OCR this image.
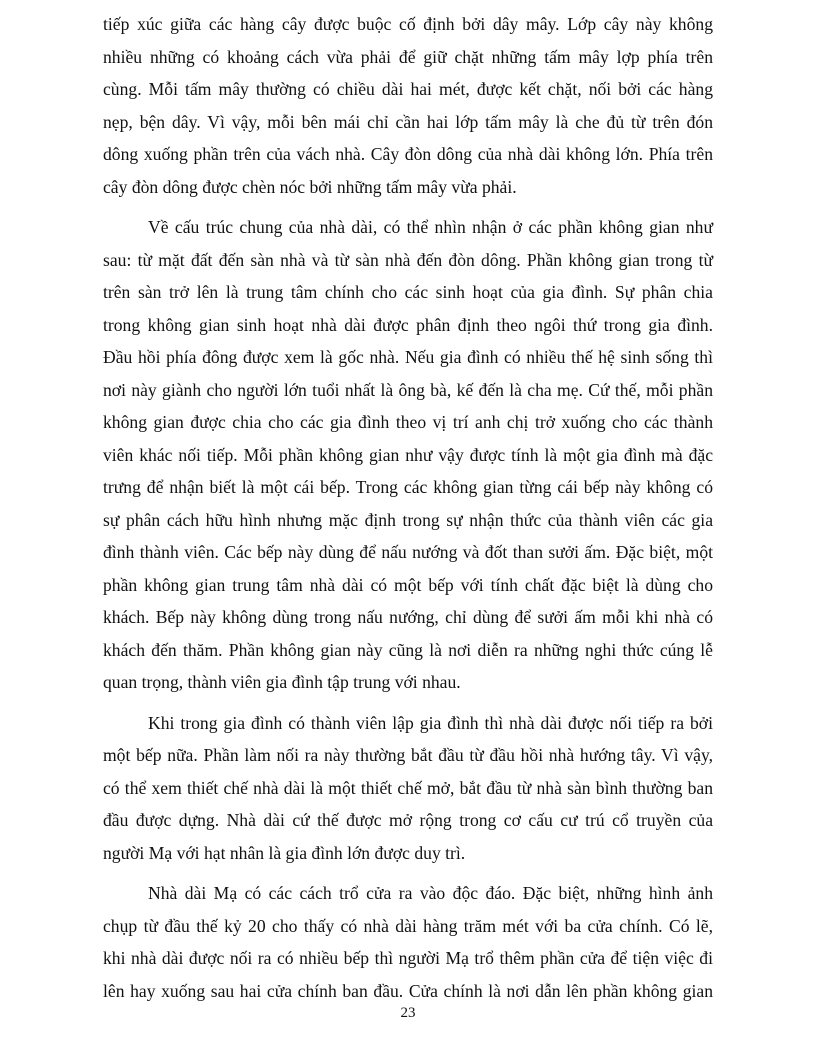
tiếp xúc giữa các hàng cây được buộc cố định bởi dây mây. Lớp cây này không
nhiều những có khoảng cách vừa phải để giữ chặt những tấm mây lợp phía trên
cùng. Mỗi tấm mây thường có chiều dài hai mét, được kết chặt, nối bởi các hàng
nẹp, bện dây. Vì vậy, mỗi bên mái chỉ cần hai lớp tấm mây là che đủ từ trên đón
dông xuống phần trên của vách nhà. Cây đòn dông của nhà dài không lớn. Phía trên
cây đòn dông được chèn nóc bởi những tấm mây vừa phải.
Về cấu trúc chung của nhà dài, có thể nhìn nhận ở các phần không gian như
sau: từ mặt đất đến sàn nhà và từ sàn nhà đến đòn dông. Phần không gian trong từ
trên sàn trở lên là trung tâm chính cho các sinh hoạt của gia đình. Sự phân chia
trong không gian sinh hoạt nhà dài được phân định theo ngôi thứ trong gia đình.
Đầu hồi phía đông được xem là gốc nhà. Nếu gia đình có nhiều thế hệ sinh sống thì
nơi này giành cho người lớn tuổi nhất là ông bà, kế đến là cha mẹ. Cứ thế, mỗi phần
không gian được chia cho các gia đình theo vị trí anh chị trở xuống cho các thành
viên khác nối tiếp. Mỗi phần không gian như vậy được tính là một gia đình mà đặc
trưng để nhận biết là một cái bếp. Trong các không gian từng cái bếp này không có
sự phân cách hữu hình nhưng mặc định trong sự nhận thức của thành viên các gia
đình thành viên. Các bếp này dùng để nấu nướng và đốt than sưởi ấm. Đặc biệt, một
phần không gian trung tâm nhà dài có một bếp với tính chất đặc biệt là dùng cho
khách. Bếp này không dùng trong nấu nướng, chỉ dùng để sưởi ấm mỗi khi nhà có
khách đến thăm. Phần không gian này cũng là nơi diễn ra những nghi thức cúng lễ
quan trọng, thành viên gia đình tập trung với nhau.
Khi trong gia đình có thành viên lập gia đình thì nhà dài được nối tiếp ra bởi
một bếp nữa. Phần làm nối ra này thường bắt đầu từ đầu hồi nhà hướng tây. Vì vậy,
có thể xem thiết chế nhà dài là một thiết chế mở, bắt đầu từ nhà sàn bình thường ban
đầu được dựng. Nhà dài cứ thế được mở rộng trong cơ cấu cư trú cổ truyền của
người Mạ với hạt nhân là gia đình lớn được duy trì.
Nhà dài Mạ có các cách trổ cửa ra vào độc đáo. Đặc biệt, những hình ảnh
chụp từ đầu thế kỷ 20 cho thấy có nhà dài hàng trăm mét với ba cửa chính. Có lẽ,
khi nhà dài được nối ra có nhiều bếp thì người Mạ trổ thêm phần cửa để tiện việc đi
lên hay xuống sau hai cửa chính ban đầu. Cửa chính là nơi dẫn lên phần không gian
23
